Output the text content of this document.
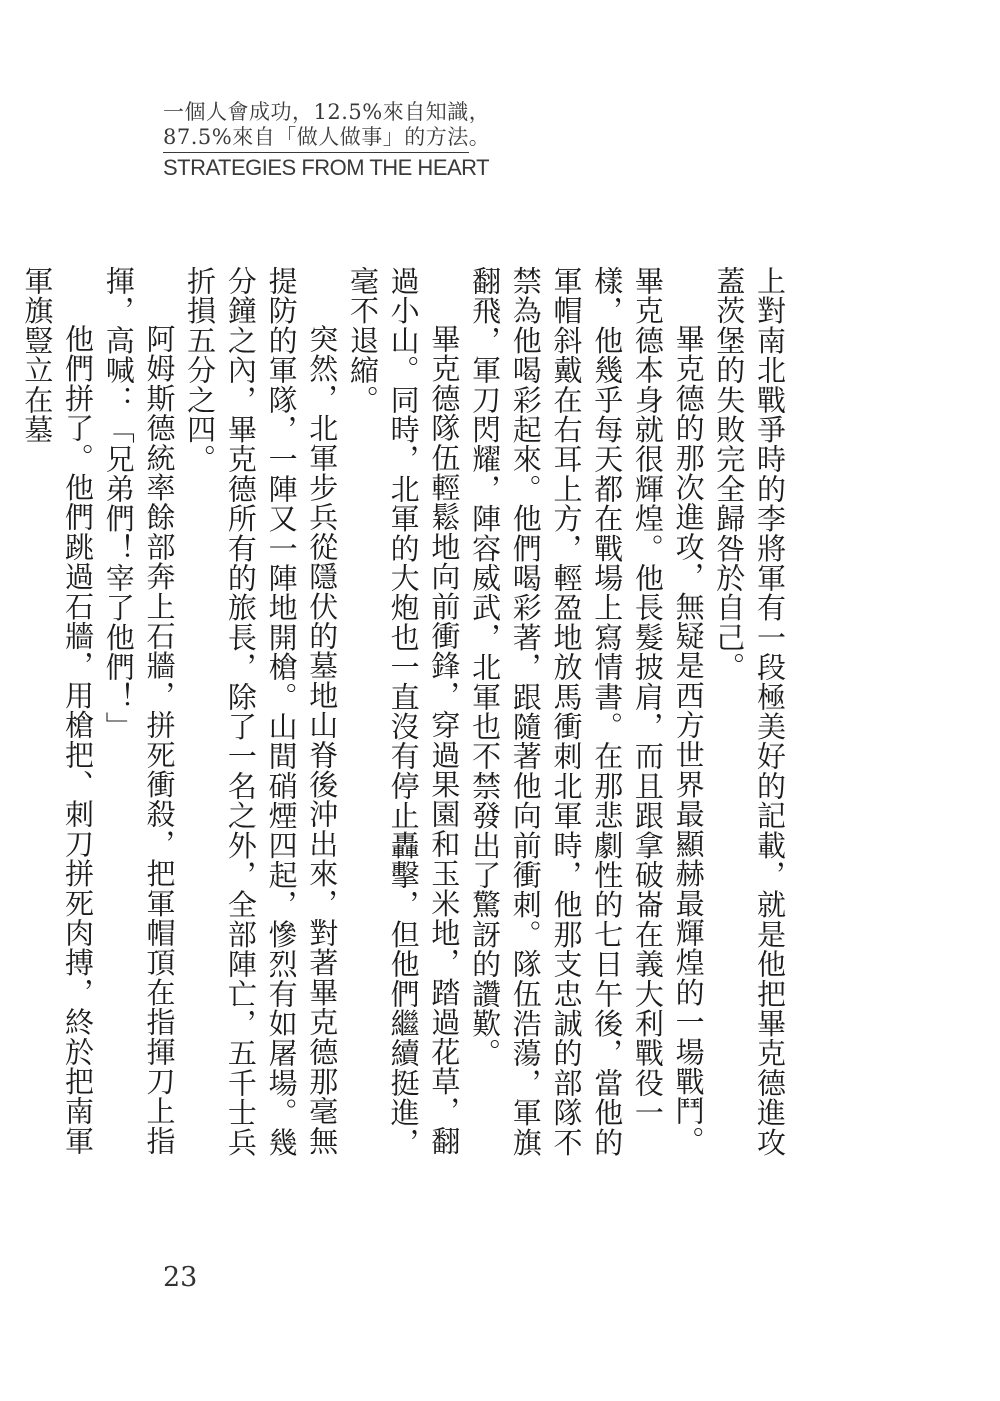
一個人會成功，12.5%來自知識，
87.5%來自「做人做事」的方法。
STRATEGIES FROM THE HEART

上對南北戰爭時的李將軍有一段極美好的記載，就是他把畢克德進攻蓋茨堡的失敗完全歸咎於自己。

畢克德的那次進攻，無疑是西方世界最顯赫最輝煌的一場戰鬥。畢克德本身就很輝煌。他長髮披肩，而且跟拿破崙在義大利戰役一樣，他幾乎每天都在戰場上寫情書。在那悲劇性的七日午後，當他的軍帽斜戴在右耳上方，輕盈地放馬衝刺北軍時，他那支忠誠的部隊不禁為他喝彩起來。他們喝彩著，跟隨著他向前衝刺。隊伍浩蕩，軍旗翻飛，軍刀閃耀，陣容威武，北軍也不禁發出了驚訝的讚歎。

畢克德隊伍輕鬆地向前衝鋒，穿過果園和玉米地，踏過花草，翻過小山。同時，北軍的大炮也一直沒有停止轟擊，但他們繼續挺進，毫不退縮。

突然，北軍步兵從隱伏的墓地山脊後沖出來，對著畢克德那毫無提防的軍隊，一陣又一陣地開槍。山間硝煙四起，慘烈有如屠場。幾分鐘之內，畢克德所有的旅長，除了一名之外，全部陣亡，五千士兵折損五分之四。

阿姆斯德統率餘部奔上石牆，拼死衝殺，把軍帽頂在指揮刀上指揮，高喊：「兄弟們！宰了他們！」

他們拼了。他們跳過石牆，用槍把、刺刀拼死肉搏，終於把南軍軍旗豎立在墓

23
